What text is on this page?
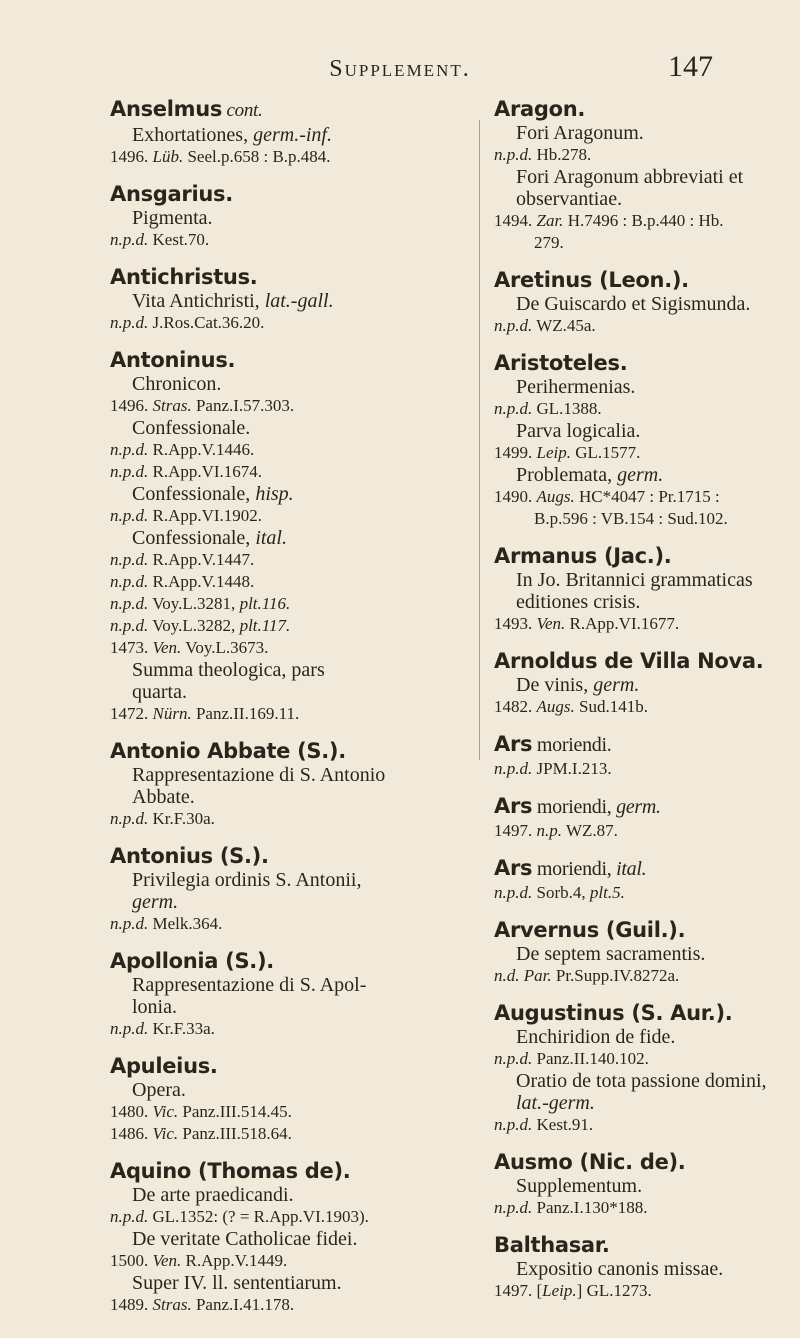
Supplement.	147
Anselmus cont.
Exhortationes, germ.-inf.
1496. Lüb. Seel.p.658 : B.p.484.
Ansgarius.
Pigmenta.
n.p.d. Kest.70.
Antichristus.
Vita Antichristi, lat.-gall.
n.p.d. J.Ros.Cat.36.20.
Antoninus.
Chronicon.
1496. Stras. Panz.I.57.303.
Confessionale.
n.p.d. R.App.V.1446.
n.p.d. R.App.VI.1674.
Confessionale, hisp.
n.p.d. R.App.VI.1902.
Confessionale, ital.
n.p.d. R.App.V.1447.
n.p.d. R.App.V.1448.
n.p.d. Voy.L.3281, plt.116.
n.p.d. Voy.L.3282, plt.117.
1473. Ven. Voy.L.3673.
Summa theologica, pars
quarta.
1472. Nürn. Panz.II.169.11.
Antonio Abbate (S.).
Rappresentazione di S. Antonio
Abbate.
n.p.d. Kr.F.30a.
Antonius (S.).
Privilegia ordinis S. Antonii,
germ.
n.p.d. Melk.364.
Apollonia (S.).
Rappresentazione di S. Apol-
lonia.
n.p.d. Kr.F.33a.
Apuleius.
Opera.
1480. Vic. Panz.III.514.45.
1486. Vic. Panz.III.518.64.
Aquino (Thomas de).
De arte praedicandi.
n.p.d. GL.1352: (? = R.App.VI.1903).
De veritate Catholicae fidei.
1500. Ven. R.App.V.1449.
Super IV. ll. sententiarum.
1489. Stras. Panz.I.41.178.
Aragon.
Fori Aragonum.
n.p.d. Hb.278.
Fori Aragonum abbreviati et
observantiae.
1494. Zar. H.7496 : B.p.440 : Hb.
279.
Aretinus (Leon.).
De Guiscardo et Sigismunda.
n.p.d. WZ.45a.
Aristoteles.
Perihermenias.
n.p.d. GL.1388.
Parva logicalia.
1499. Leip. GL.1577.
Problemata, germ.
1490. Augs. HC*4047 : Pr.1715 :
B.p.596 : VB.154 : Sud.102.
Armanus (Jac.).
In Jo. Britannici grammaticas
editiones crisis.
1493. Ven. R.App.VI.1677.
Arnoldus de Villa Nova.
De vinis, germ.
1482. Augs. Sud.141b.
Ars moriendi.
n.p.d. JPM.I.213.
Ars moriendi, germ.
1497. n.p. WZ.87.
Ars moriendi, ital.
n.p.d. Sorb.4, plt.5.
Arvernus (Guil.).
De septem sacramentis.
n.d. Par. Pr.Supp.IV.8272a.
Augustinus (S. Aur.).
Enchiridion de fide.
n.p.d. Panz.II.140.102.
Oratio de tota passione domini,
lat.-germ.
n.p.d. Kest.91.
Ausmo (Nic. de).
Supplementum.
n.p.d. Panz.I.130*188.
Balthasar.
Expositio canonis missae.
1497. [Leip.] GL.1273.
